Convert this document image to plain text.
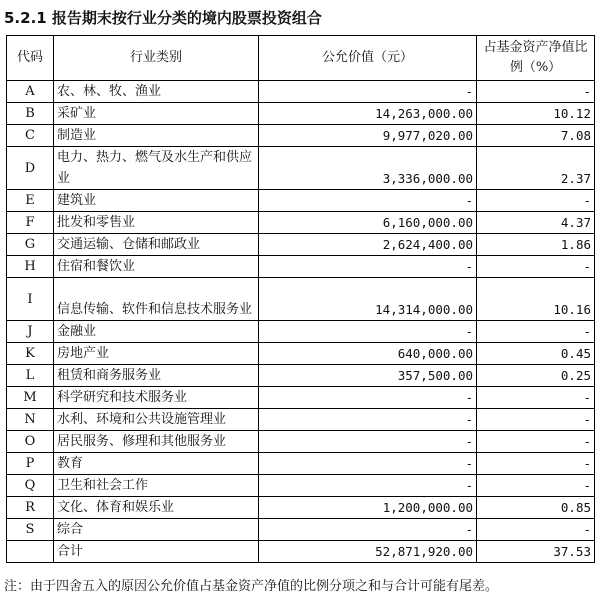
5.2.1 报告期末按行业分类的境内股票投资组合
代码	行业类别	公允价值（元）	占基金资产净值比例（%）
A	农、林、牧、渔业	-	-
B	采矿业	14,263,000.00	10.12
C	制造业	9,977,020.00	7.08
D	电力、热力、燃气及水生产和供应业	3,336,000.00	2.37
E	建筑业	-	-
F	批发和零售业	6,160,000.00	4.37
G	交通运输、仓储和邮政业	2,624,400.00	1.86
H	住宿和餐饮业	-	-
I	信息传输、软件和信息技术服务业	14,314,000.00	10.16
J	金融业	-	-
K	房地产业	640,000.00	0.45
L	租赁和商务服务业	357,500.00	0.25
M	科学研究和技术服务业	-	-
N	水利、环境和公共设施管理业	-	-
O	居民服务、修理和其他服务业	-	-
P	教育	-	-
Q	卫生和社会工作	-	-
R	文化、体育和娱乐业	1,200,000.00	0.85
S	综合	-	-
	合计	52,871,920.00	37.53
注：由于四舍五入的原因公允价值占基金资产净值的比例分项之和与合计可能有尾差。
